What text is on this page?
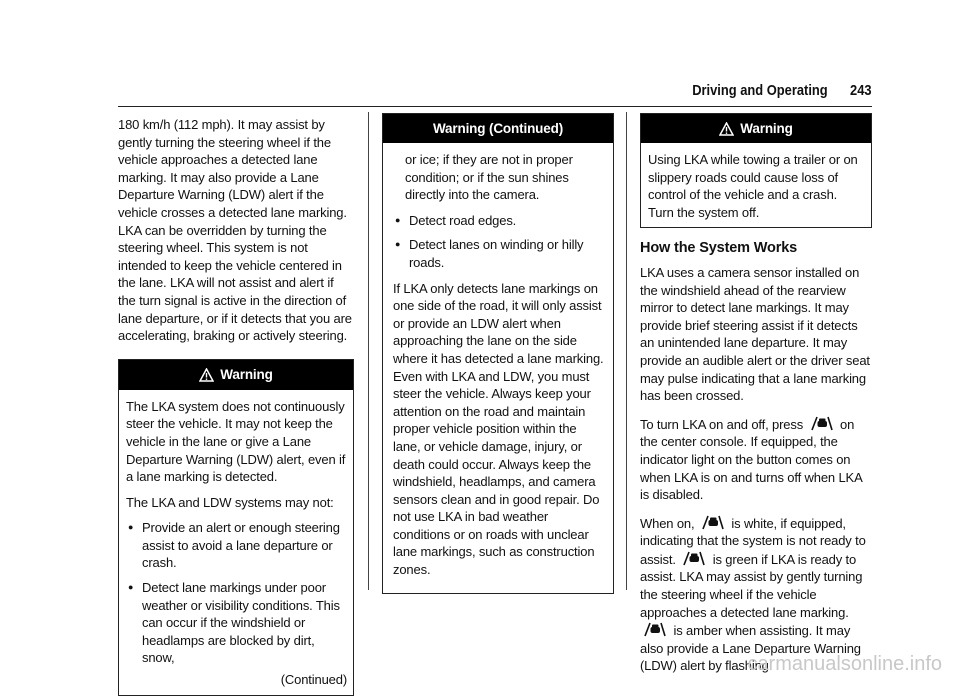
Driving and Operating 243

180 km/h (112 mph). It may assist by gently turning the steering wheel if the vehicle approaches a detected lane marking. It may also provide a Lane Departure Warning (LDW) alert if the vehicle crosses a detected lane marking. LKA can be overridden by turning the steering wheel. This system is not intended to keep the vehicle centered in the lane. LKA will not assist and alert if the turn signal is active in the direction of lane departure, or if it detects that you are accelerating, braking or actively steering.

Warning

The LKA system does not continuously steer the vehicle. It may not keep the vehicle in the lane or give a Lane Departure Warning (LDW) alert, even if a lane marking is detected.

The LKA and LDW systems may not:

● Provide an alert or enough steering assist to avoid a lane departure or crash.
● Detect lane markings under poor weather or visibility conditions. This can occur if the windshield or headlamps are blocked by dirt, snow,
(Continued)
Warning (Continued)

or ice; if they are not in proper condition; or if the sun shines directly into the camera.

● Detect road edges.
● Detect lanes on winding or hilly roads.

If LKA only detects lane markings on one side of the road, it will only assist or provide an LDW alert when approaching the lane on the side where it has detected a lane marking. Even with LKA and LDW, you must steer the vehicle. Always keep your attention on the road and maintain proper vehicle position within the lane, or vehicle damage, injury, or death could occur. Always keep the windshield, headlamps, and camera sensors clean and in good repair. Do not use LKA in bad weather conditions or on roads with unclear lane markings, such as construction zones.

Warning

Using LKA while towing a trailer or on slippery roads could cause loss of control of the vehicle and a crash. Turn the system off.

How the System Works

LKA uses a camera sensor installed on the windshield ahead of the rearview mirror to detect lane markings. It may provide brief steering assist if it detects an unintended lane departure. It may provide an audible alert or the driver seat may pulse indicating that a lane marking has been crossed.

To turn LKA on and off, press	on the center console. If equipped, the indicator light on the button comes on when LKA is on and turns off when LKA is disabled.

When on,	is white, if equipped, indicating that the system is not ready to assist.	is green if LKA is ready to assist. LKA may assist by gently turning the steering wheel if the vehicle approaches a detected lane marking.  is amber when assisting. It may also provide a Lane Departure Warning (LDW) alert by flashing

carmanualsonline.info
